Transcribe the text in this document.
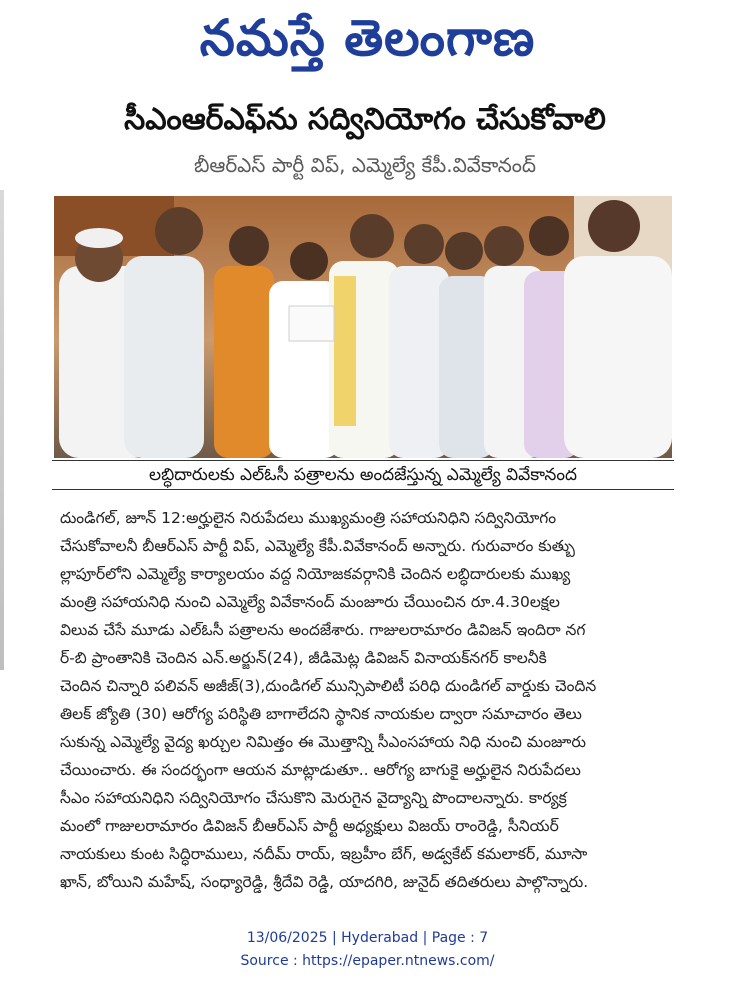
నమస్తే తెలంగాణ
సీఎంఆర్ఎఫ్‌ను సద్వినియోగం చేసుకోవాలి
బీఆర్ఎస్ పార్టీ విప్, ఎమ్మెల్యే కేపీ.వివేకానంద్
లబ్ధిదారులకు ఎల్ఓసీ పత్రాలను అందజేస్తున్న ఎమ్మెల్యే వివేకానంద
దుండిగల్, జూన్ 12:అర్హులైన నిరుపేదలు ముఖ్యమంత్రి సహాయనిధిని సద్వినియోగం
చేసుకోవాలనీ బీఆర్ఎస్ పార్టీ విప్, ఎమ్మెల్యే కేపీ.వివేకానంద్ అన్నారు. గురువారం కుత్బు
ల్లాపూర్‌లోని ఎమ్మెల్యే కార్యాలయం వద్ద నియోజకవర్గానికి చెందిన లబ్ధిదారులకు ముఖ్య
మంత్రి సహాయనిధి నుంచి ఎమ్మెల్యే వివేకానంద్ మంజూరు చేయించిన రూ.4.30లక్షల
విలువ చేసే మూడు ఎల్ఓసీ పత్రాలను అందజేశారు. గాజులరామారం డివిజన్ ఇందిరా నగ
ర్-బి ప్రాంతానికి చెందిన ఎన్.అర్జున్(24), జీడిమెట్ల డివిజన్ వినాయక్‌నగర్ కాలనీకి
చెందిన చిన్నారి పలివన్ అజీజ్(3),దుండిగల్ మున్సిపాలిటీ పరిధి దుండిగల్ వార్డుకు చెందిన
తిలక్ జ్యోతి (30) ఆరోగ్య పరిస్థితి బాగాలేదని స్థానిక నాయకుల ద్వారా సమాచారం తెలు
సుకున్న ఎమ్మెల్యే వైద్య ఖర్చుల నిమిత్తం ఈ మొత్తాన్ని సీఎంసహాయ నిధి నుంచి మంజూరు
చేయించారు. ఈ సందర్భంగా ఆయన మాట్లాడుతూ.. ఆరోగ్య బాగుకై అర్హులైన నిరుపేదలు
సీఎం సహాయనిధిని సద్వినియోగం చేసుకొని మెరుగైన వైద్యాన్ని పొందాలన్నారు. కార్యక్ర
మంలో గాజులరామారం డివిజన్ బీఆర్ఎస్ పార్టీ అధ్యక్షులు విజయ్ రాంరెడ్డి, సీనియర్
నాయకులు కుంట సిద్ధిరాములు, నదీమ్ రాయ్, ఇబ్రహీం బేగ్, అడ్వకేట్ కమలాకర్, మూసా
ఖాన్, బోయిని మహేష్, సంధ్యారెడ్డి, శ్రీదేవి రెడ్డి, యాదగిరి, జునైద్ తదితరులు పాల్గొన్నారు.
13/06/2025 | Hyderabad | Page : 7
Source : https://epaper.ntnews.com/
